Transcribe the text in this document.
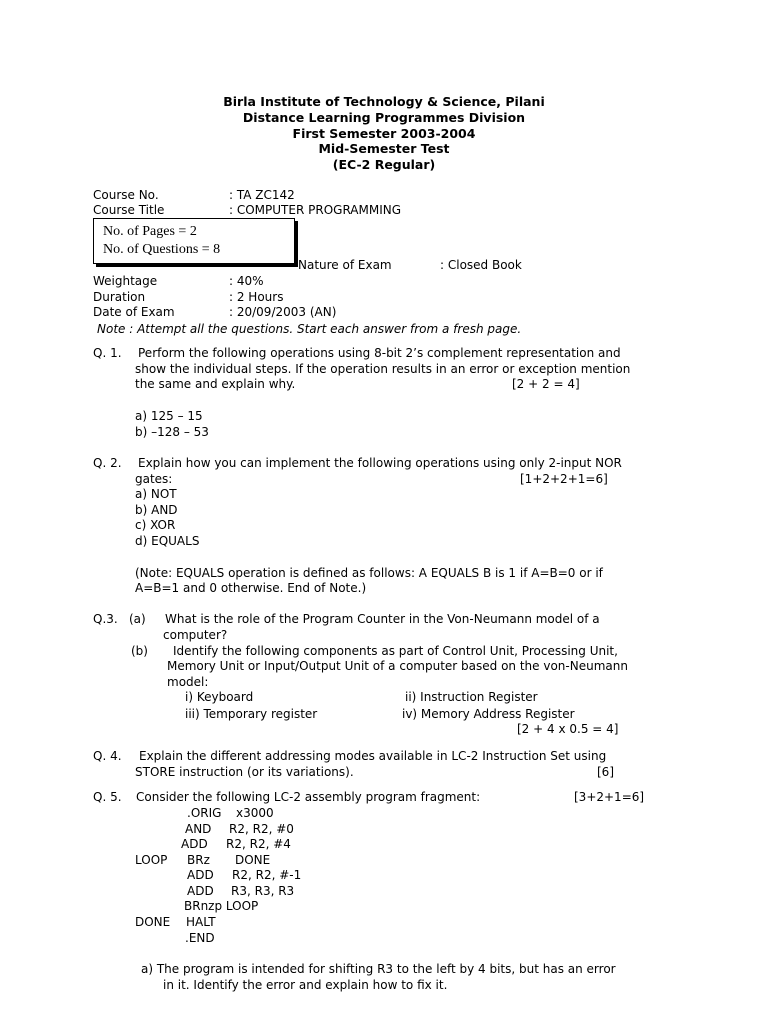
Birla Institute of Technology & Science, Pilani
Distance Learning Programmes Division
First Semester 2003-2004
Mid-Semester Test
(EC-2 Regular)
Course No.	: TA ZC142
Course Title	: COMPUTER PROGRAMMING
No. of Pages = 2
No. of Questions = 8
Nature of Exam	: Closed Book
Weightage	: 40%
Duration	: 2 Hours
Date of Exam	: 20/09/2003 (AN)
Note : Attempt all the questions. Start each answer from a fresh page.
Q. 1. Perform the following operations using 8-bit 2’s complement representation and
show the individual steps. If the operation results in an error or exception mention
the same and explain why.	[2 + 2 = 4]
a) 125 – 15
b) –128 – 53
Q. 2. Explain how you can implement the following operations using only 2-input NOR
gates:	[1+2+2+1=6]
a) NOT
b) AND
c) XOR
d) EQUALS
(Note: EQUALS operation is defined as follows: A EQUALS B is 1 if A=B=0 or if
A=B=1 and 0 otherwise. End of Note.)
Q.3. (a) What is the role of the Program Counter in the Von-Neumann model of a
computer?
(b) Identify the following components as part of Control Unit, Processing Unit,
Memory Unit or Input/Output Unit of a computer based on the von-Neumann
model:
i) Keyboard	ii) Instruction Register
iii) Temporary register	iv) Memory Address Register
[2 + 4 x 0.5 = 4]
Q. 4. Explain the different addressing modes available in LC-2 Instruction Set using
STORE instruction (or its variations).	[6]
Q. 5. Consider the following LC-2 assembly program fragment:	[3+2+1=6]
.ORIG x3000
AND R2, R2, #0
ADD R2, R2, #4
LOOP BRz DONE
ADD R2, R2, #-1
ADD R3, R3, R3
BRnzp LOOP
DONE HALT
.END
a) The program is intended for shifting R3 to the left by 4 bits, but has an error
in it. Identify the error and explain how to fix it.
